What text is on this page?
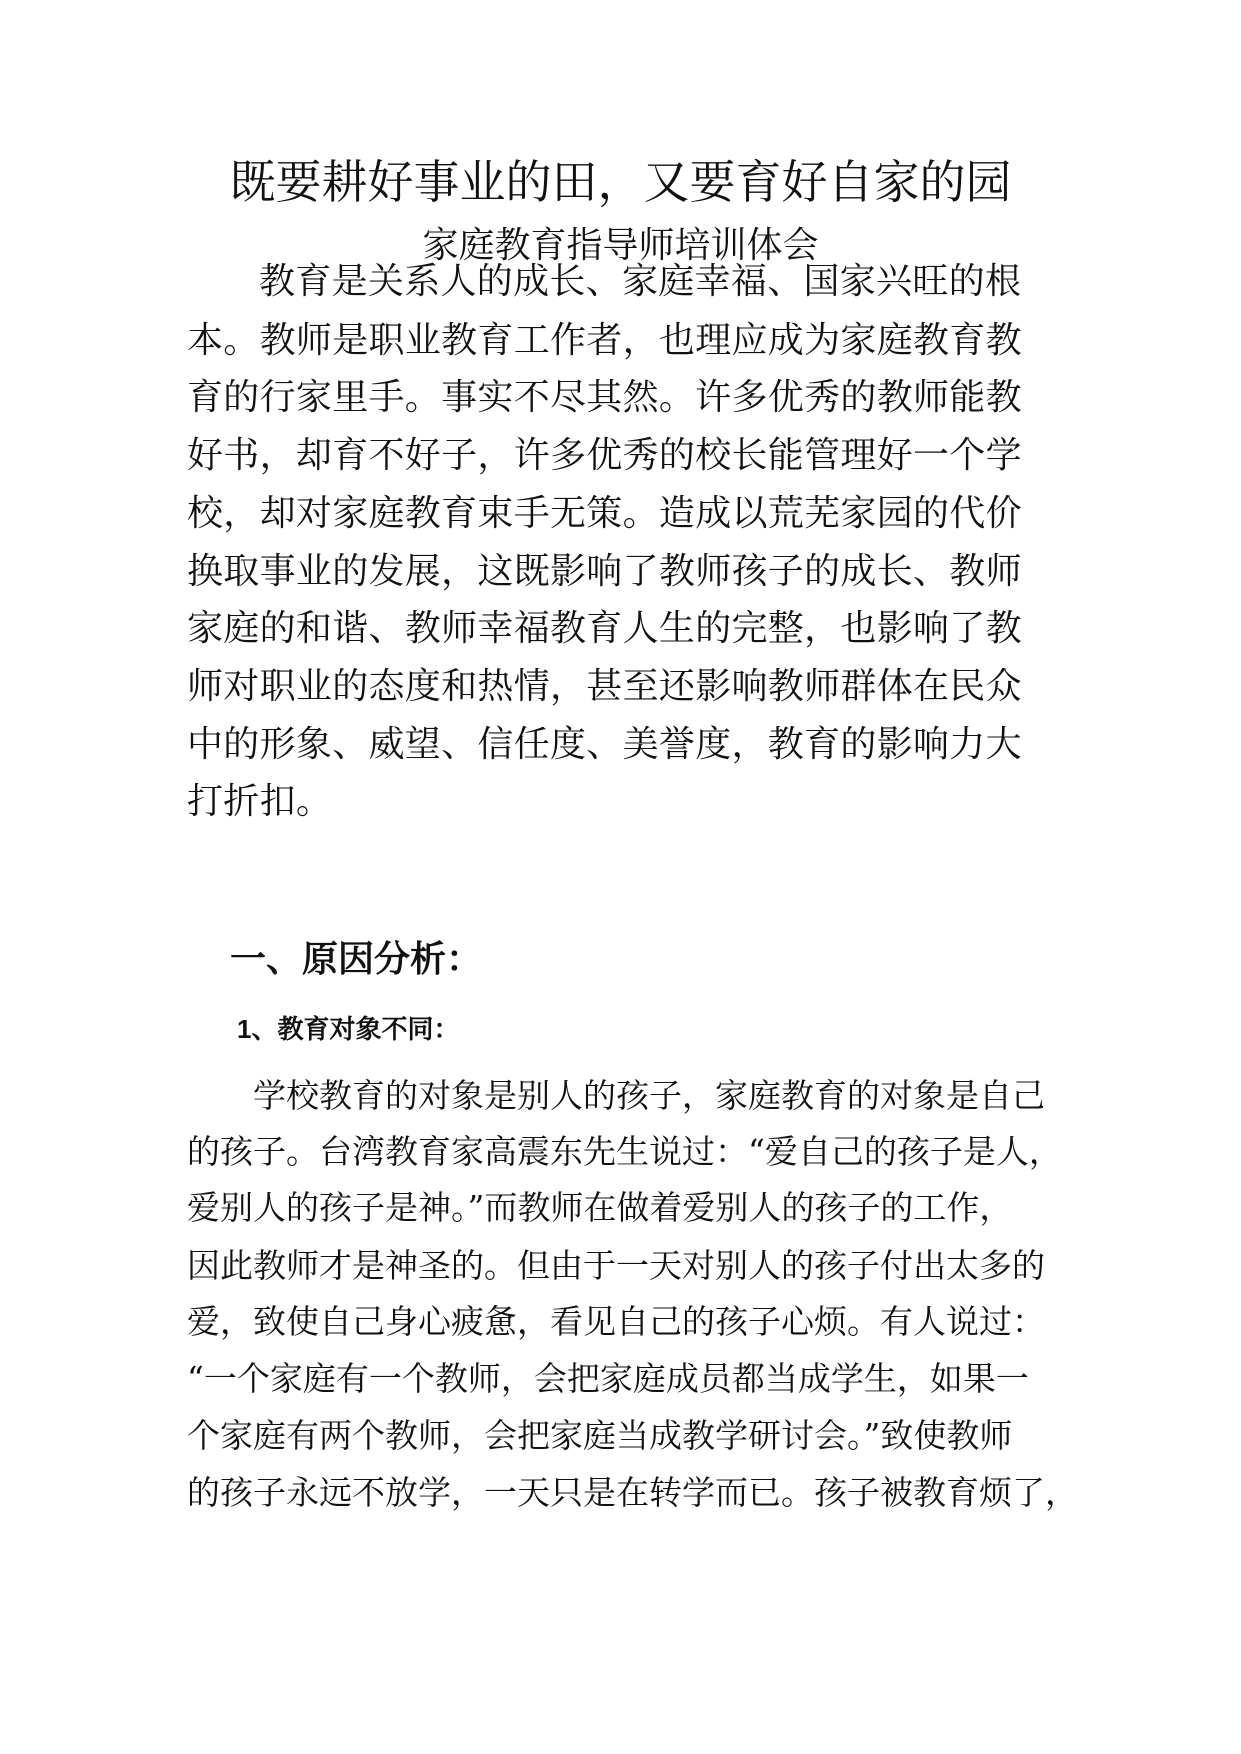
既要耕好事业的田，又要育好自家的园
家庭教育指导师培训体会

教育是关系人的成长、家庭幸福、国家兴旺的根

本。教师是职业教育工作者，也理应成为家庭教育教

育的行家里手。事实不尽其然。许多优秀的教师能教

好书，却育不好子，许多优秀的校长能管理好一个学

校，却对家庭教育束手无策。造成以荒芜家园的代价

换取事业的发展，这既影响了教师孩子的成长、教师

家庭的和谐、教师幸福教育人生的完整，也影响了教

师对职业的态度和热情，甚至还影响教师群体在民众

中的形象、威望、信任度、美誉度，教育的影响力大

打折扣。

一、原因分析：
1、教育对象不同：

学校教育的对象是别人的孩子，家庭教育的对象是自己

的孩子。台湾教育家高震东先生说过：“爱自己的孩子是人，

爱别人的孩子是神。”而教师在做着爱别人的孩子的工作，

因此教师才是神圣的。但由于一天对别人的孩子付出太多的

爱，致使自己身心疲惫，看见自己的孩子心烦。有人说过：

“一个家庭有一个教师，会把家庭成员都当成学生，如果一

个家庭有两个教师，会把家庭当成教学研讨会。”致使教师

的孩子永远不放学，一天只是在转学而已。孩子被教育烦了，
